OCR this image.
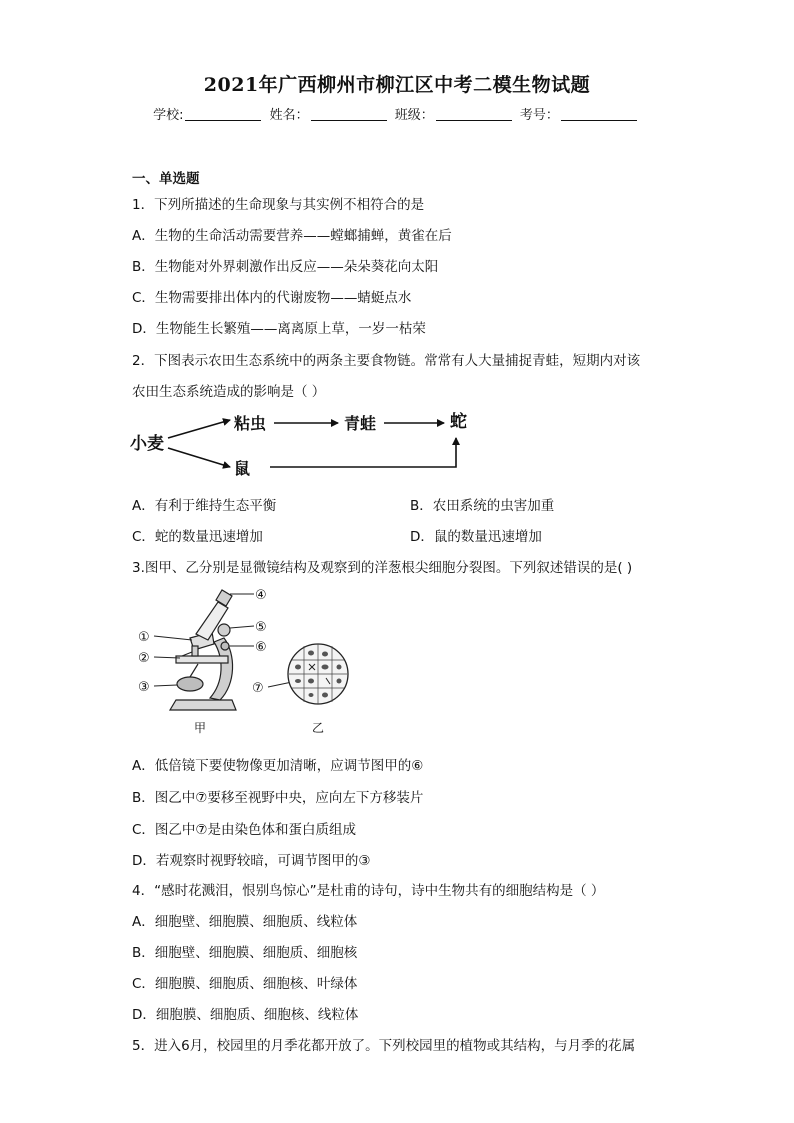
2021年广西柳州市柳江区中考二模生物试题
学校:	姓名：	班级：	考号：
一、单选题
1．下列所描述的生命现象与其实例不相符合的是
A．生物的生命活动需要营养——螳螂捕蝉，黄雀在后
B．生物能对外界刺激作出反应——朵朵葵花向太阳
C．生物需要排出体内的代谢废物——蜻蜓点水
D．生物能生长繁殖——离离原上草，一岁一枯荣
2．下图表示农田生态系统中的两条主要食物链。常常有人大量捕捉青蛙，短期内对该
农田生态系统造成的影响是（ ）
小麦
粘虫	青蛙	蛇
鼠
A．有利于维持生态平衡	B．农田系统的虫害加重
C．蛇的数量迅速增加	D．鼠的数量迅速增加
3.图甲、乙分别是显微镜结构及观察到的洋葱根尖细胞分裂图。下列叙述错误的是( )
①
②
③
④
⑤
⑥
⑦
甲	乙
A．低倍镜下要使物像更加清晰，应调节图甲的⑥
B．图乙中⑦要移至视野中央，应向左下方移装片
C．图乙中⑦是由染色体和蛋白质组成
D．若观察时视野较暗，可调节图甲的③
4．“感时花溅泪，恨别鸟惊心”是杜甫的诗句，诗中生物共有的细胞结构是（ ）
A．细胞壁、细胞膜、细胞质、线粒体
B．细胞壁、细胞膜、细胞质、细胞核
C．细胞膜、细胞质、细胞核、叶绿体
D．细胞膜、细胞质、细胞核、线粒体
5．进入6月，校园里的月季花都开放了。下列校园里的植物或其结构，与月季的花属
